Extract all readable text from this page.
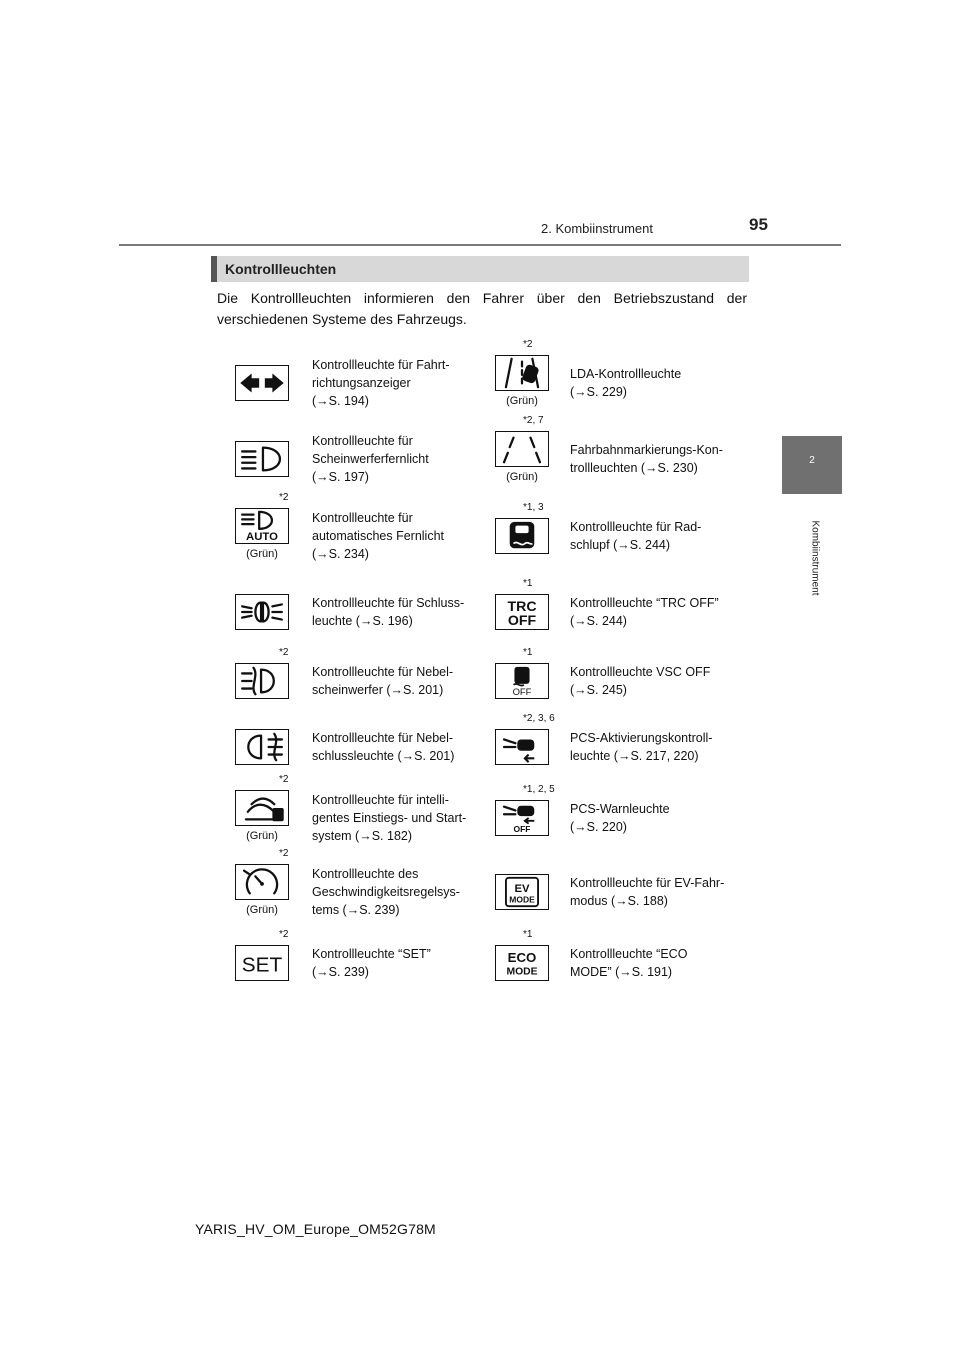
2. Kombiinstrument	95
2
Kombiinstrument
Kontrollleuchten
Die Kontrollleuchten informieren den Fahrer über den Betriebszustand der verschiedenen Systeme des Fahrzeugs.
Kontrollleuchte für Fahrt-
richtungsanzeiger
(→S. 194)
*2
(Grün)
LDA-Kontrollleuchte
(→S. 229)
Kontrollleuchte für
Scheinwerferfernlicht
(→S. 197)
*2, 7
(Grün)
Fahrbahnmarkierungs-Kon-
trollleuchten (→S. 230)
*2
AUTO
(Grün)
Kontrollleuchte für
automatisches Fernlicht
(→S. 234)
*1, 3
Kontrollleuchte für Rad-
schlupf (→S. 244)
Kontrollleuchte für Schluss-
leuchte (→S. 196)
*1
TRC
OFF
Kontrollleuchte “TRC OFF”
(→S. 244)
*2
Kontrollleuchte für Nebel-
scheinwerfer (→S. 201)
*1
OFF
Kontrollleuchte VSC OFF
(→S. 245)
Kontrollleuchte für Nebel-
schlussleuchte (→S. 201)
*2, 3, 6
PCS-Aktivierungskontroll-
leuchte (→S. 217, 220)
*2
(Grün)
Kontrollleuchte für intelli-
gentes Einstiegs- und Start-
system (→S. 182)
*1, 2, 5
OFF
PCS-Warnleuchte
(→S. 220)
*2
(Grün)
Kontrollleuchte des
Geschwindigkeitsregelsys-
tems (→S. 239)
EV
MODE
Kontrollleuchte für EV-Fahr-
modus (→S. 188)
*2
SET Kontrollleuchte “SET”
(→S. 239)
*1
ECO
MODE
Kontrollleuchte “ECO
MODE” (→S. 191)
YARIS_HV_OM_Europe_OM52G78M
